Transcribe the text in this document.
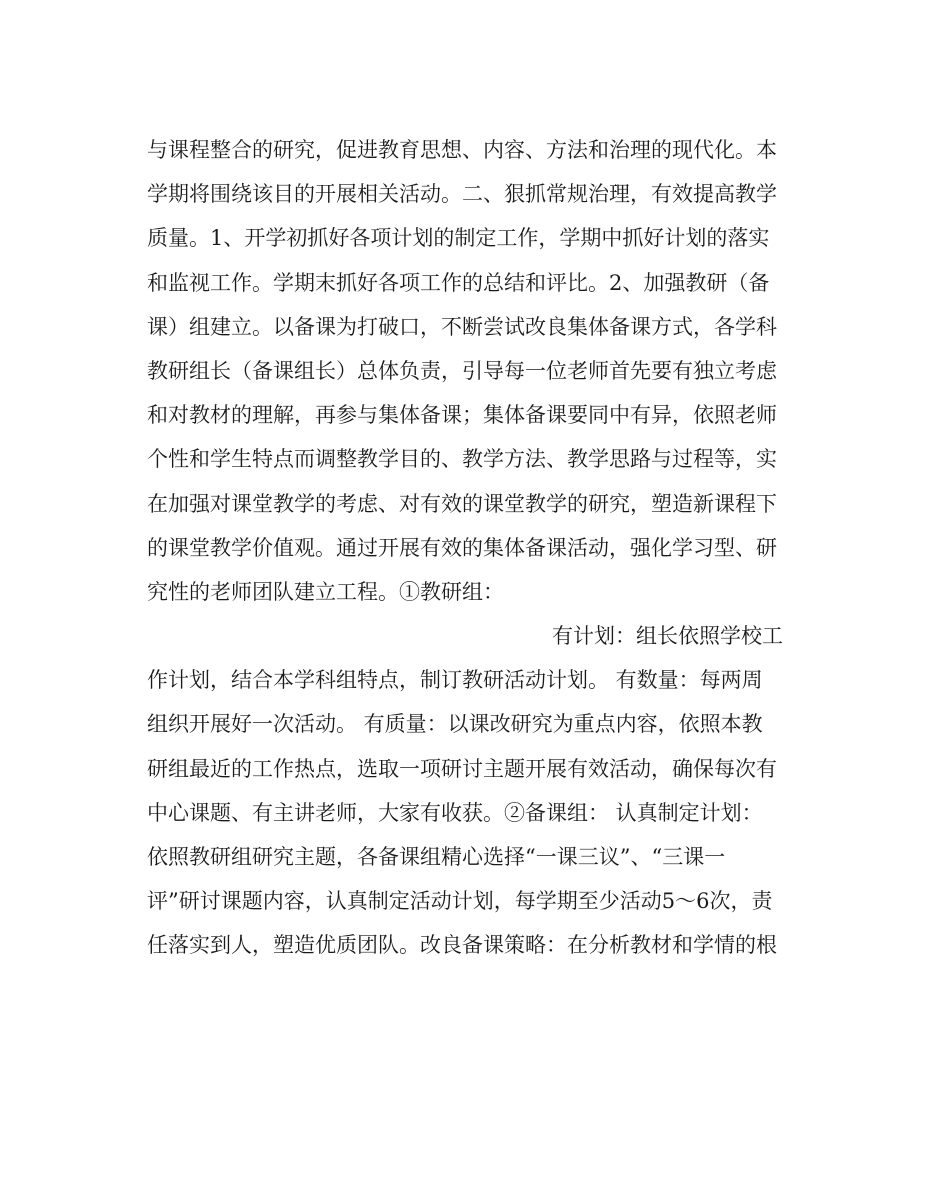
与课程整合的研究，促进教育思想、内容、方法和治理的现代化。本
学期将围绕该目的开展相关活动。二、狠抓常规治理，有效提高教学
质量。1、开学初抓好各项计划的制定工作，学期中抓好计划的落实
和监视工作。学期末抓好各项工作的总结和评比。2、加强教研（备
课）组建立。以备课为打破口，不断尝试改良集体备课方式，各学科
教研组长（备课组长）总体负责，引导每一位老师首先要有独立考虑
和对教材的理解，再参与集体备课；集体备课要同中有异，依照老师
个性和学生特点而调整教学目的、教学方法、教学思路与过程等，实
在加强对课堂教学的考虑、对有效的课堂教学的研究，塑造新课程下
的课堂教学价值观。通过开展有效的集体备课活动，强化学习型、研
究性的老师团队建立工程。①教研组：
有计划：组长依照学校工
作计划，结合本学科组特点，制订教研活动计划。 有数量：每两周
组织开展好一次活动。 有质量：以课改研究为重点内容，依照本教
研组最近的工作热点，选取一项研讨主题开展有效活动，确保每次有
中心课题、有主讲老师，大家有收获。②备课组： 认真制定计划：
依照教研组研究主题，各备课组精心选择“一课三议”、“三课一
评”研讨课题内容，认真制定活动计划，每学期至少活动5～6次，责
任落实到人，塑造优质团队。改良备课策略：在分析教材和学情的根
